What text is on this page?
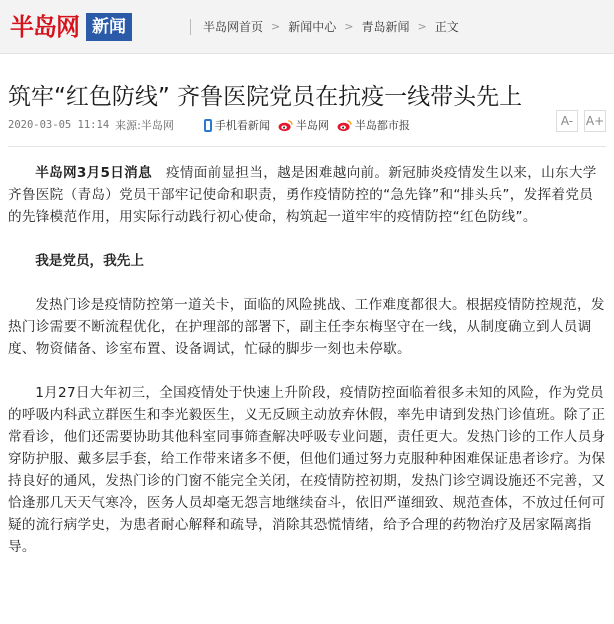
半岛网 新闻	半岛网首页 > 新闻中心 > 青岛新闻 > 正文
筑牢“红色防线” 齐鲁医院党员在抗疫一线带头先上
2020-03-05 11:14 来源:半岛网	手机看新闻 半岛网 半岛都市报	A-	A+

半岛网3月5日消息 疫情面前显担当，越是困难越向前。新冠肺炎疫情发生以来，山东大学齐鲁医院（青岛）党员干部牢记使命和职责，勇作疫情防控的“急先锋”和“排头兵”，发挥着党员的先锋模范作用，用实际行动践行初心使命，构筑起一道牢牢的疫情防控“红色防线”。

我是党员，我先上

发热门诊是疫情防控第一道关卡，面临的风险挑战、工作难度都很大。根据疫情防控规范，发热门诊需要不断流程优化，在护理部的部署下，副主任李东梅坚守在一线，从制度确立到人员调度、物资储备、诊室布置、设备调试，忙碌的脚步一刻也未停歇。

1月27日大年初三，全国疫情处于快速上升阶段，疫情防控面临着很多未知的风险，作为党员的呼吸内科武立群医生和李光毅医生，义无反顾主动放弃休假，率先申请到发热门诊值班。除了正常看诊，他们还需要协助其他科室同事筛查解决呼吸专业问题，责任更大。发热门诊的工作人员身穿防护服、戴多层手套，给工作带来诸多不便，但他们通过努力克服种种困难保证患者诊疗。为保持良好的通风，发热门诊的门窗不能完全关闭，在疫情防控初期，发热门诊空调设施还不完善，又恰逢那几天天气寒冷，医务人员却毫无怨言地继续奋斗，依旧严谨细致、规范查体，不放过任何可疑的流行病学史，为患者耐心解释和疏导，消除其恐慌情绪，给予合理的药物治疗及居家隔离指导。
